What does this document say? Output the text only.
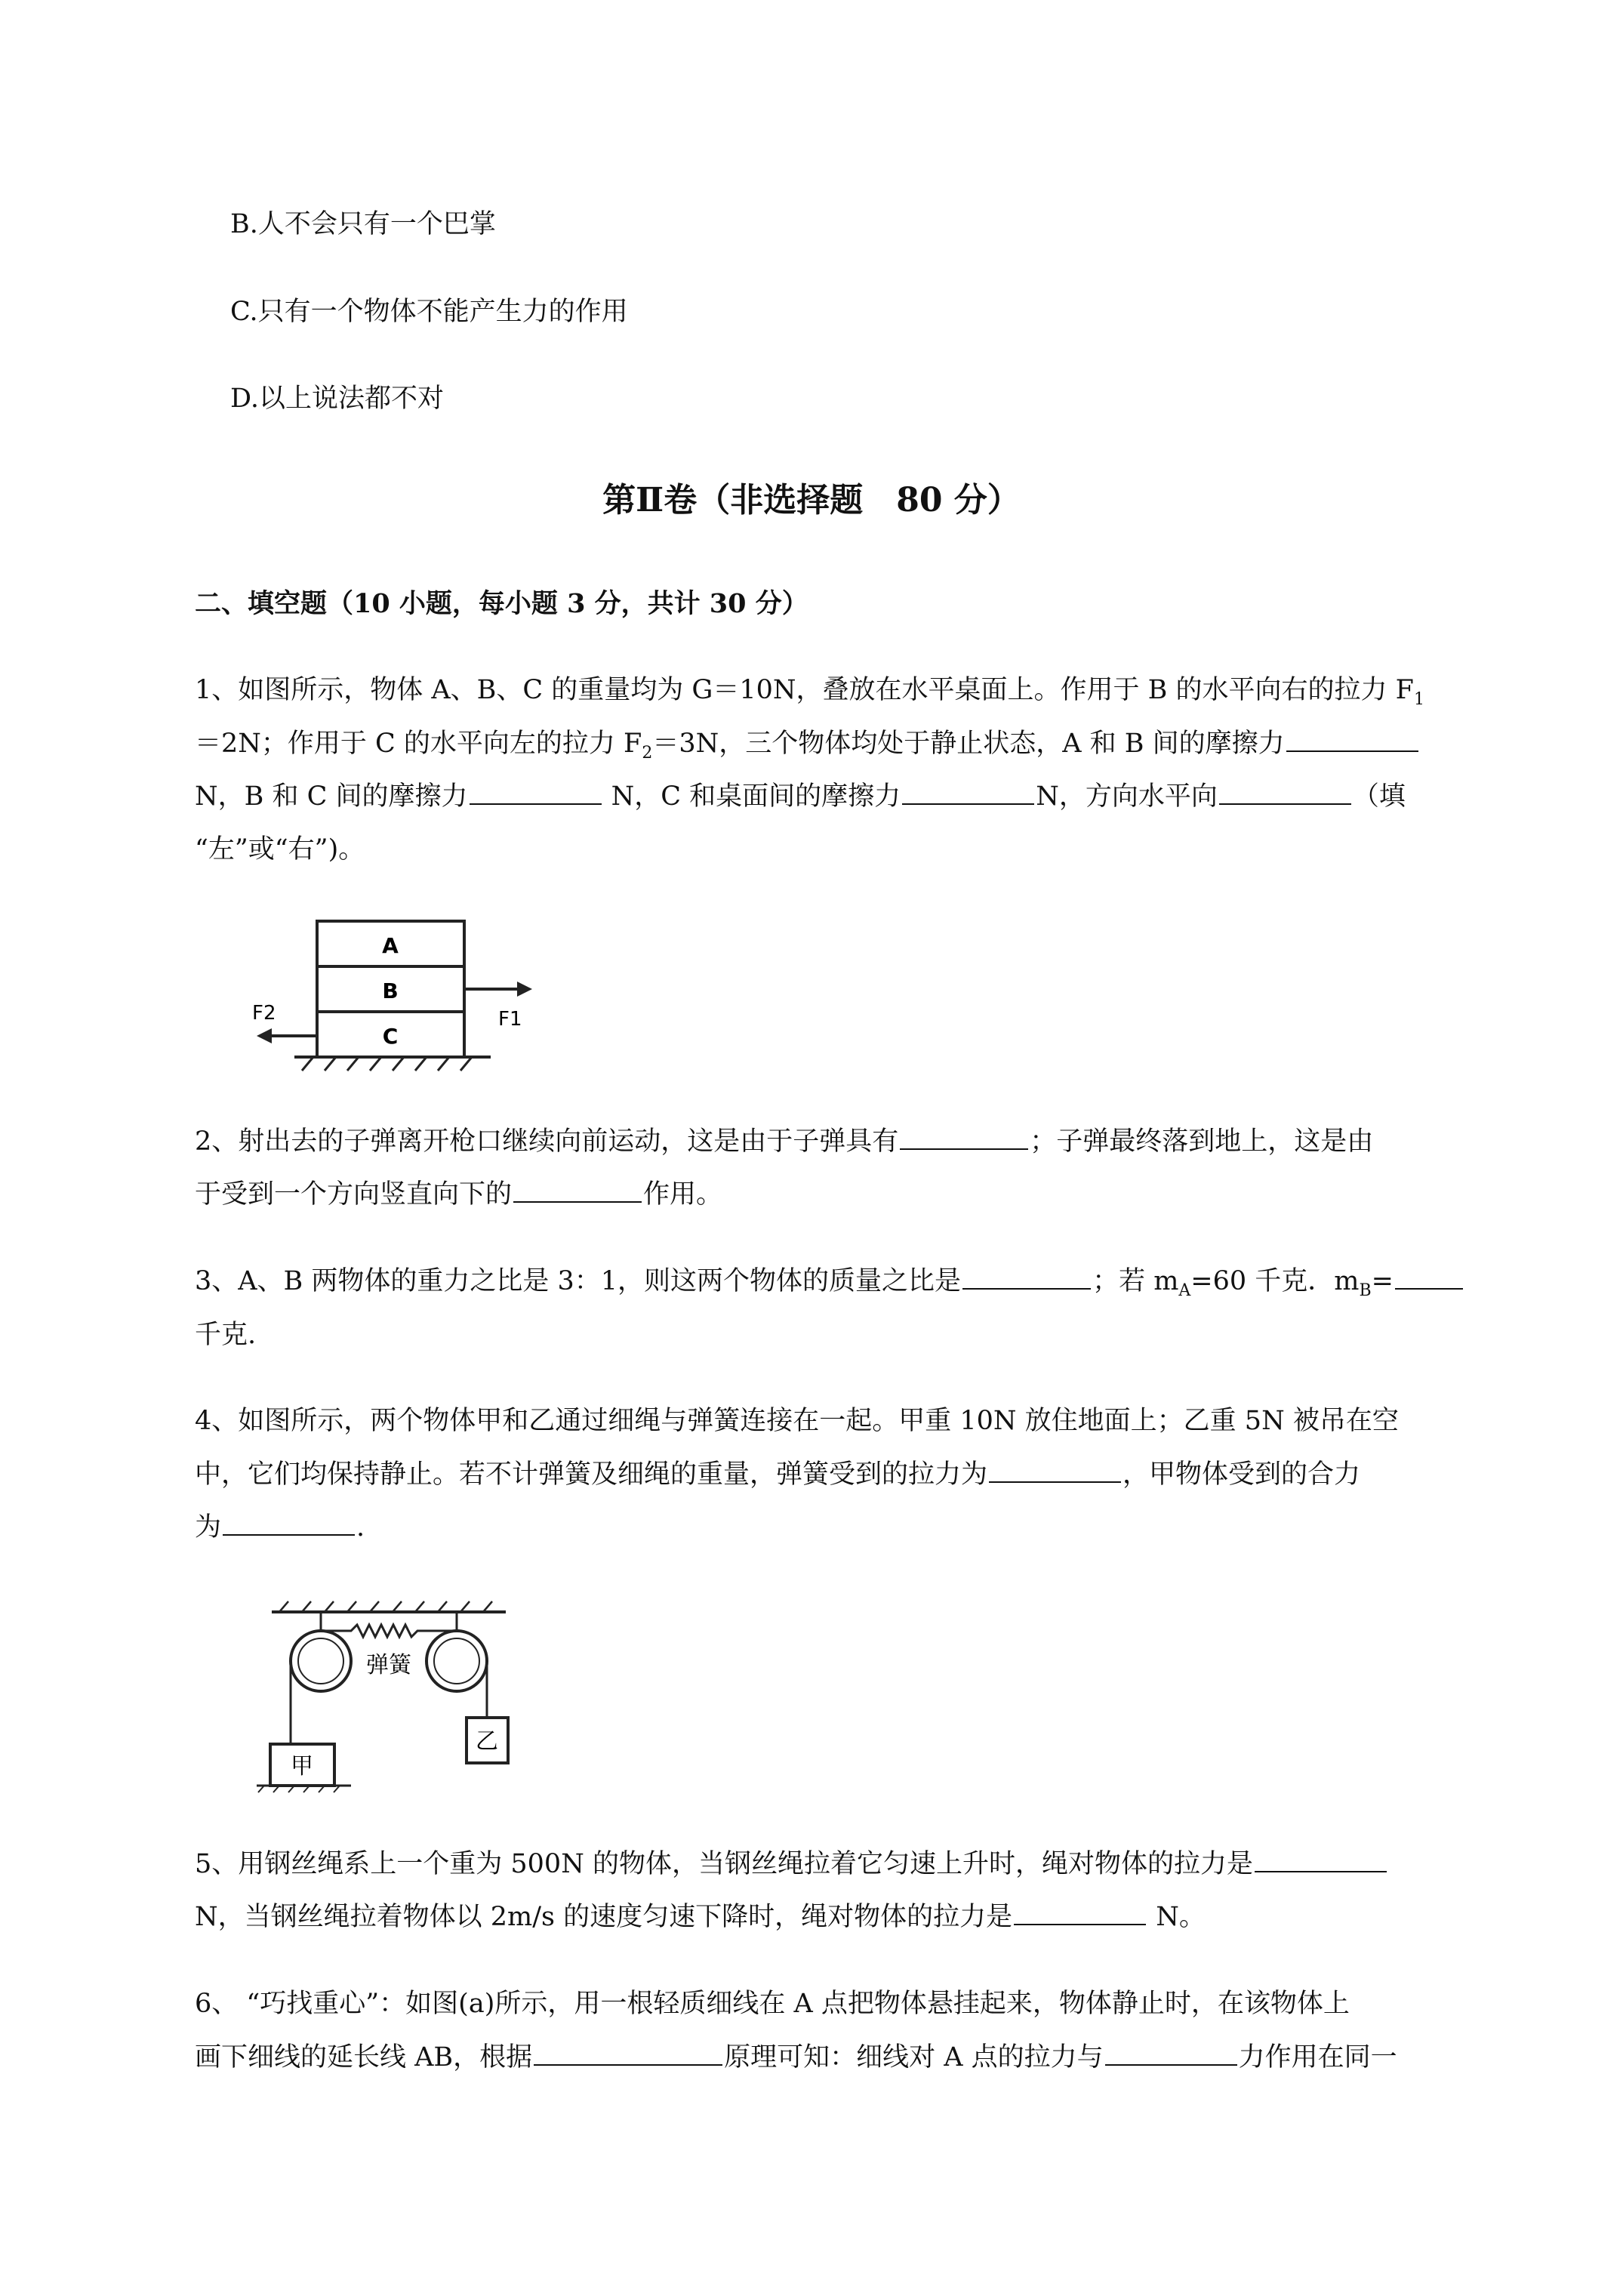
B.人不会只有一个巴掌
C.只有一个物体不能产生力的作用
D.以上说法都不对
第Ⅱ卷（非选择题　80 分）
二、填空题（10 小题，每小题 3 分，共计 30 分）
1、如图所示，物体 A、B、C 的重量均为 G＝10N，叠放在水平桌面上。作用于 B 的水平向右的拉力 $F_1$
＝2N；作用于 C 的水平向左的拉力 $F_2=3N$，三个物体均处于静止状态，A 和 B 间的摩擦力
N，B 和 C 间的摩擦力	N，C 和桌面间的摩擦力	N，方向水平向	（填
“左”或“右”)。
A
B
C
F2	F1
2、射出去的子弹离开枪口继续向前运动，这是由于子弹具有	；子弹最终落到地上，这是由
于受到一个方向竖直向下的	作用。
3、A、B 两物体的重力之比是 3：1，则这两个物体的质量之比是	；若 $m_A=60$ 千克．$m_B=$
千克.
4、如图所示，两个物体甲和乙通过细绳与弹簧连接在一起。甲重 10N 放住地面上；乙重 5N 被吊在空
中，它们均保持静止。若不计弹簧及细绳的重量，弹簧受到的拉力为	，甲物体受到的合力
为	.
弹簧
甲
乙
5、用钢丝绳系上一个重为 500N 的物体，当钢丝绳拉着它匀速上升时，绳对物体的拉力是
N，当钢丝绳拉着物体以 2m/s 的速度匀速下降时，绳对物体的拉力是	N。
6、 “巧找重心”：如图(a)所示，用一根轻质细线在 A 点把物体悬挂起来，物体静止时，在该物体上
画下细线的延长线 AB，根据	原理可知：细线对 A 点的拉力与	力作用在同一
